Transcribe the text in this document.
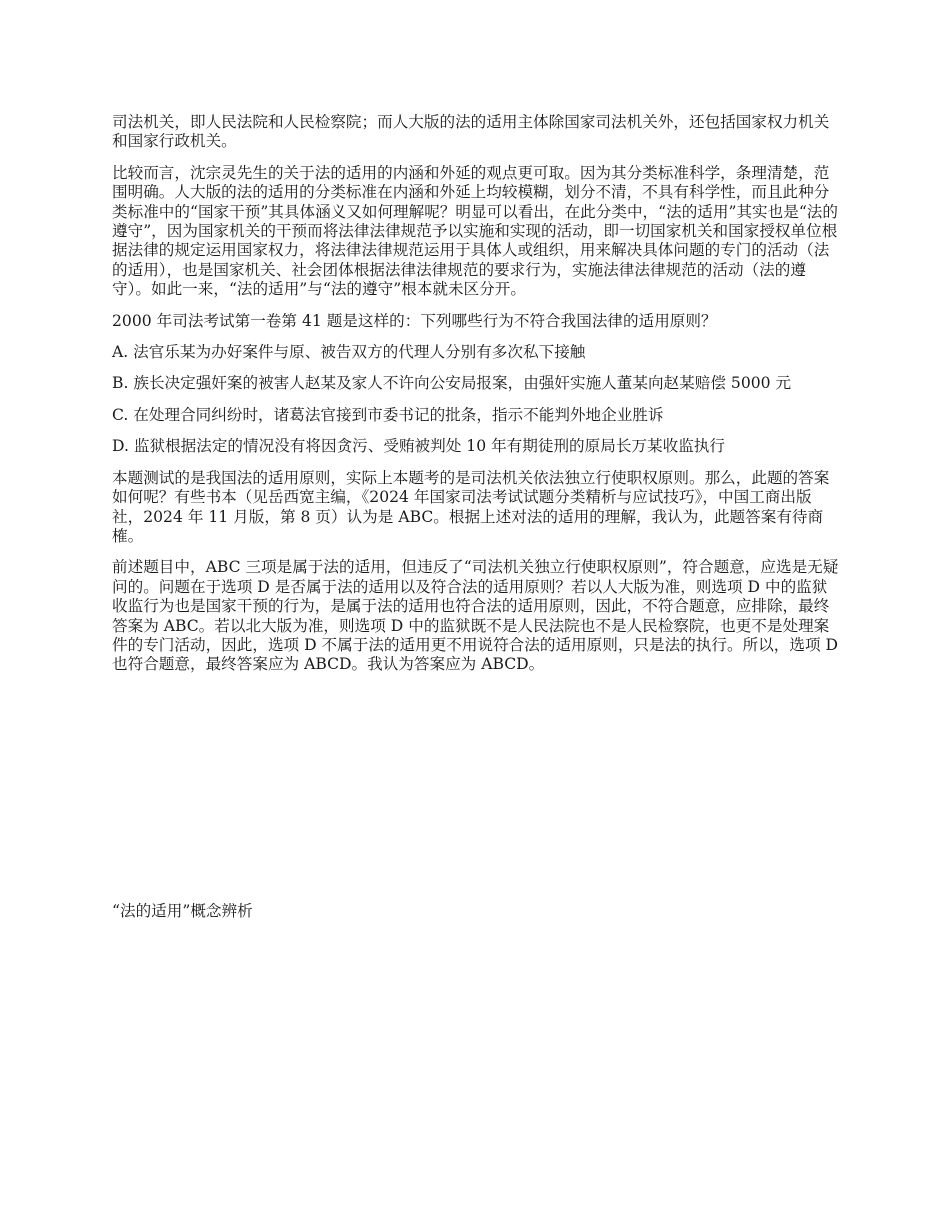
司法机关，即人民法院和人民检察院；而人大版的法的适用主体除国家司法机关外，还包括国家权力机关和国家行政机关。

比较而言，沈宗灵先生的关于法的适用的内涵和外延的观点更可取。因为其分类标准科学，条理清楚，范围明确。人大版的法的适用的分类标准在内涵和外延上均较模糊，划分不清，不具有科学性，而且此种分类标准中的“国家干预”其具体涵义又如何理解呢？明显可以看出，在此分类中，“法的适用”其实也是“法的遵守”，因为国家机关的干预而将法律法律规范予以实施和实现的活动，即一切国家机关和国家授权单位根据法律的规定运用国家权力，将法律法律规范运用于具体人或组织，用来解决具体问题的专门的活动（法的适用），也是国家机关、社会团体根据法律法律规范的要求行为，实施法律法律规范的活动（法的遵守）。如此一来，“法的适用”与“法的遵守”根本就未区分开。

2000 年司法考试第一卷第 41 题是这样的：下列哪些行为不符合我国法律的适用原则？

A. 法官乐某为办好案件与原、被告双方的代理人分别有多次私下接触

B. 族长决定强奸案的被害人赵某及家人不许向公安局报案，由强奸实施人董某向赵某赔偿 5000 元

C. 在处理合同纠纷时，诸葛法官接到市委书记的批条，指示不能判外地企业胜诉

D. 监狱根据法定的情况没有将因贪污、受贿被判处 10 年有期徒刑的原局长万某收监执行

本题测试的是我国法的适用原则，实际上本题考的是司法机关依法独立行使职权原则。那么，此题的答案如何呢？有些书本（见岳西宽主编，《2024 年国家司法考试试题分类精析与应试技巧》，中国工商出版社，2024 年 11 月版，第 8 页）认为是 ABC。根据上述对法的适用的理解，我认为，此题答案有待商榷。

前述题目中，ABC 三项是属于法的适用，但违反了“司法机关独立行使职权原则”，符合题意，应选是无疑问的。问题在于选项 D 是否属于法的适用以及符合法的适用原则？若以人大版为准，则选项 D 中的监狱收监行为也是国家干预的行为，是属于法的适用也符合法的适用原则，因此，不符合题意，应排除，最终答案为 ABC。若以北大版为准，则选项 D 中的监狱既不是人民法院也不是人民检察院，也更不是处理案件的专门活动，因此，选项 D 不属于法的适用更不用说符合法的适用原则，只是法的执行。所以，选项 D 也符合题意，最终答案应为 ABCD。我认为答案应为 ABCD。

“法的适用”概念辨析
